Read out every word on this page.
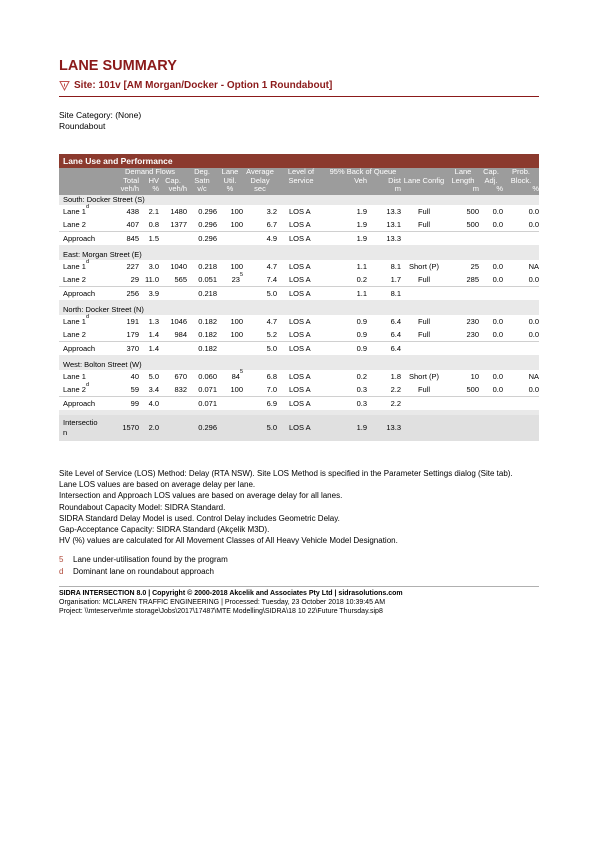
LANE SUMMARY
Site: 101v [AM Morgan/Docker - Option 1 Roundabout]
Site Category: (None)
Roundabout
Lane Use and Performance
	Demand Flows		Cap.	Deg. Satn	Lane Util.	Average Delay	Level of Service	95% Back of Queue		Lane Config	Lane Length	Cap. Adj.	Prob. Block.
	Total	HV						Veh	Dist				
	veh/h	%	veh/h	v/c	%	sec			m		m	%	%
South: Docker Street (S)													
Lane 1$^d$	438	2.1	1480	0.296	100	3.2	LOS A	1.9	13.3	Full	500	0.0	0.0
Lane 2	407	0.8	1377	0.296	100	6.7	LOS A	1.9	13.1	Full	500	0.0	0.0
Approach	845	1.5		0.296		4.9	LOS A	1.9	13.3				

East: Morgan Street (E)													
Lane 1$^d$	227	3.0	1040	0.218	100	4.7	LOS A	1.1	8.1	Short (P)	25	0.0	NA
Lane 2	29	11.0	565	0.051	$23^5$	7.4	LOS A	0.2	1.7	Full	285	0.0	0.0
Approach	256	3.9		0.218		5.0	LOS A	1.1	8.1				

North: Docker Street (N)													
Lane 1$^d$	191	1.3	1046	0.182	100	4.7	LOS A	0.9	6.4	Full	230	0.0	0.0
Lane 2	179	1.4	984	0.182	100	5.2	LOS A	0.9	6.4	Full	230	0.0	0.0
Approach	370	1.4		0.182		5.0	LOS A	0.9	6.4				

West: Bolton Street (W)													
Lane 1	40	5.0	670	0.060	$84^5$	6.8	LOS A	0.2	1.8	Short (P)	10	0.0	NA
Lane 2$^d$	59	3.4	832	0.071	100	7.0	LOS A	0.3	2.2	Full	500	0.0	0.0
Approach	99	4.0		0.071		6.9	LOS A	0.3	2.2				

Intersectio
n	1570	2.0		0.296		5.0	LOS A	1.9	13.3				
Site Level of Service (LOS) Method: Delay (RTA NSW). Site LOS Method is specified in the Parameter Settings dialog (Site tab).
Lane LOS values are based on average delay per lane.
Intersection and Approach LOS values are based on average delay for all lanes.
Roundabout Capacity Model: SIDRA Standard.
SIDRA Standard Delay Model is used. Control Delay includes Geometric Delay.
Gap-Acceptance Capacity: SIDRA Standard (Akçelik M3D).
HV (%) values are calculated for All Movement Classes of All Heavy Vehicle Model Designation.
5 Lane under-utilisation found by the program
d Dominant lane on roundabout approach
SIDRA INTERSECTION 8.0 | Copyright © 2000-2018 Akcelik and Associates Pty Ltd | sidrasolutions.com
Organisation: MCLAREN TRAFFIC ENGINEERING | Processed: Tuesday, 23 October 2018 10:39:45 AM
Project: \\mteserver\mte storage\Jobs\2017\17487\MTE Modelling\SIDRA\18 10 22\Future Thursday.sip8
